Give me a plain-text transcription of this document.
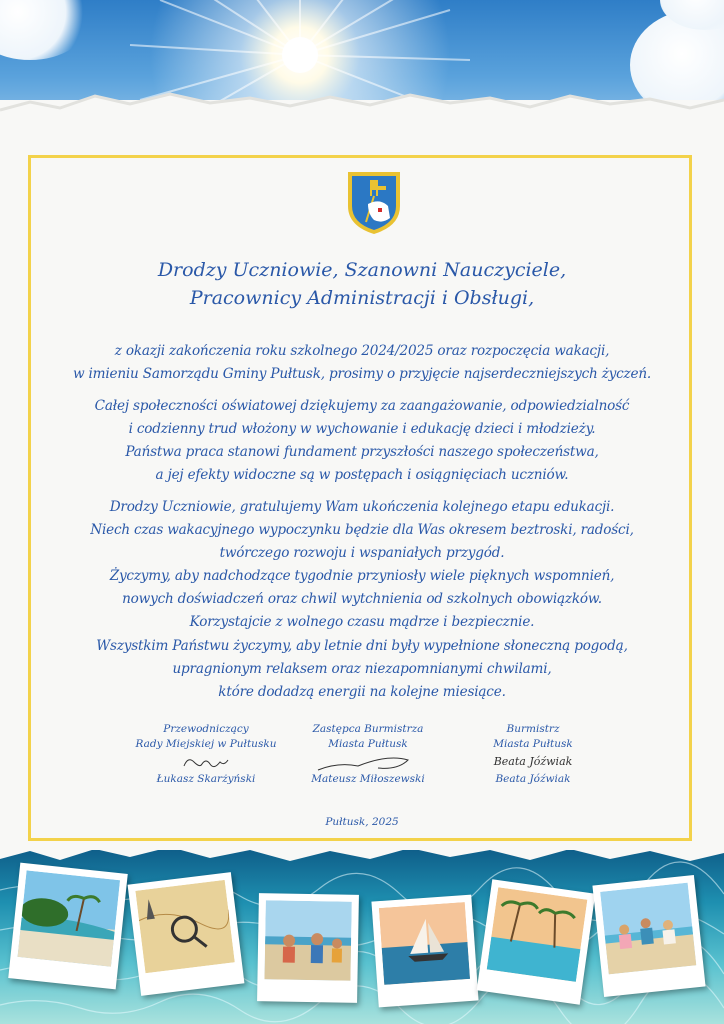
Drodzy Uczniowie, Szanowni Nauczyciele,
Pracownicy Administracji i Obsługi,
z okazji zakończenia roku szkolnego 2024/2025 oraz rozpoczęcia wakacji,
w imieniu Samorządu Gminy Pułtusk, prosimy o przyjęcie najserdeczniejszych życzeń.
Całej społeczności oświatowej dziękujemy za zaangażowanie, odpowiedzialność
i codzienny trud włożony w wychowanie i edukację dzieci i młodzieży.
Państwa praca stanowi fundament przyszłości naszego społeczeństwa,
a jej efekty widoczne są w postępach i osiągnięciach uczniów.
Drodzy Uczniowie, gratulujemy Wam ukończenia kolejnego etapu edukacji.
Niech czas wakacyjnego wypoczynku będzie dla Was okresem beztroski, radości,
twórczego rozwoju i wspaniałych przygód.
Życzymy, aby nadchodzące tygodnie przyniosły wiele pięknych wspomnień,
nowych doświadczeń oraz chwil wytchnienia od szkolnych obowiązków.
Korzystajcie z wolnego czasu mądrze i bezpiecznie.
Wszystkim Państwu życzymy, aby letnie dni były wypełnione słoneczną pogodą,
upragnionym relaksem oraz niezapomnianymi chwilami,
które dodadzą energii na kolejne miesiące.
Przewodniczący
Rady Miejskiej w Pułtusku
Łukasz Skarżyński
Zastępca Burmistrza
Miasta Pułtusk
Mateusz Miłoszewski
Burmistrz
Miasta Pułtusk
Beata Jóźwiak
Beata Jóźwiak
Pułtusk, 2025
